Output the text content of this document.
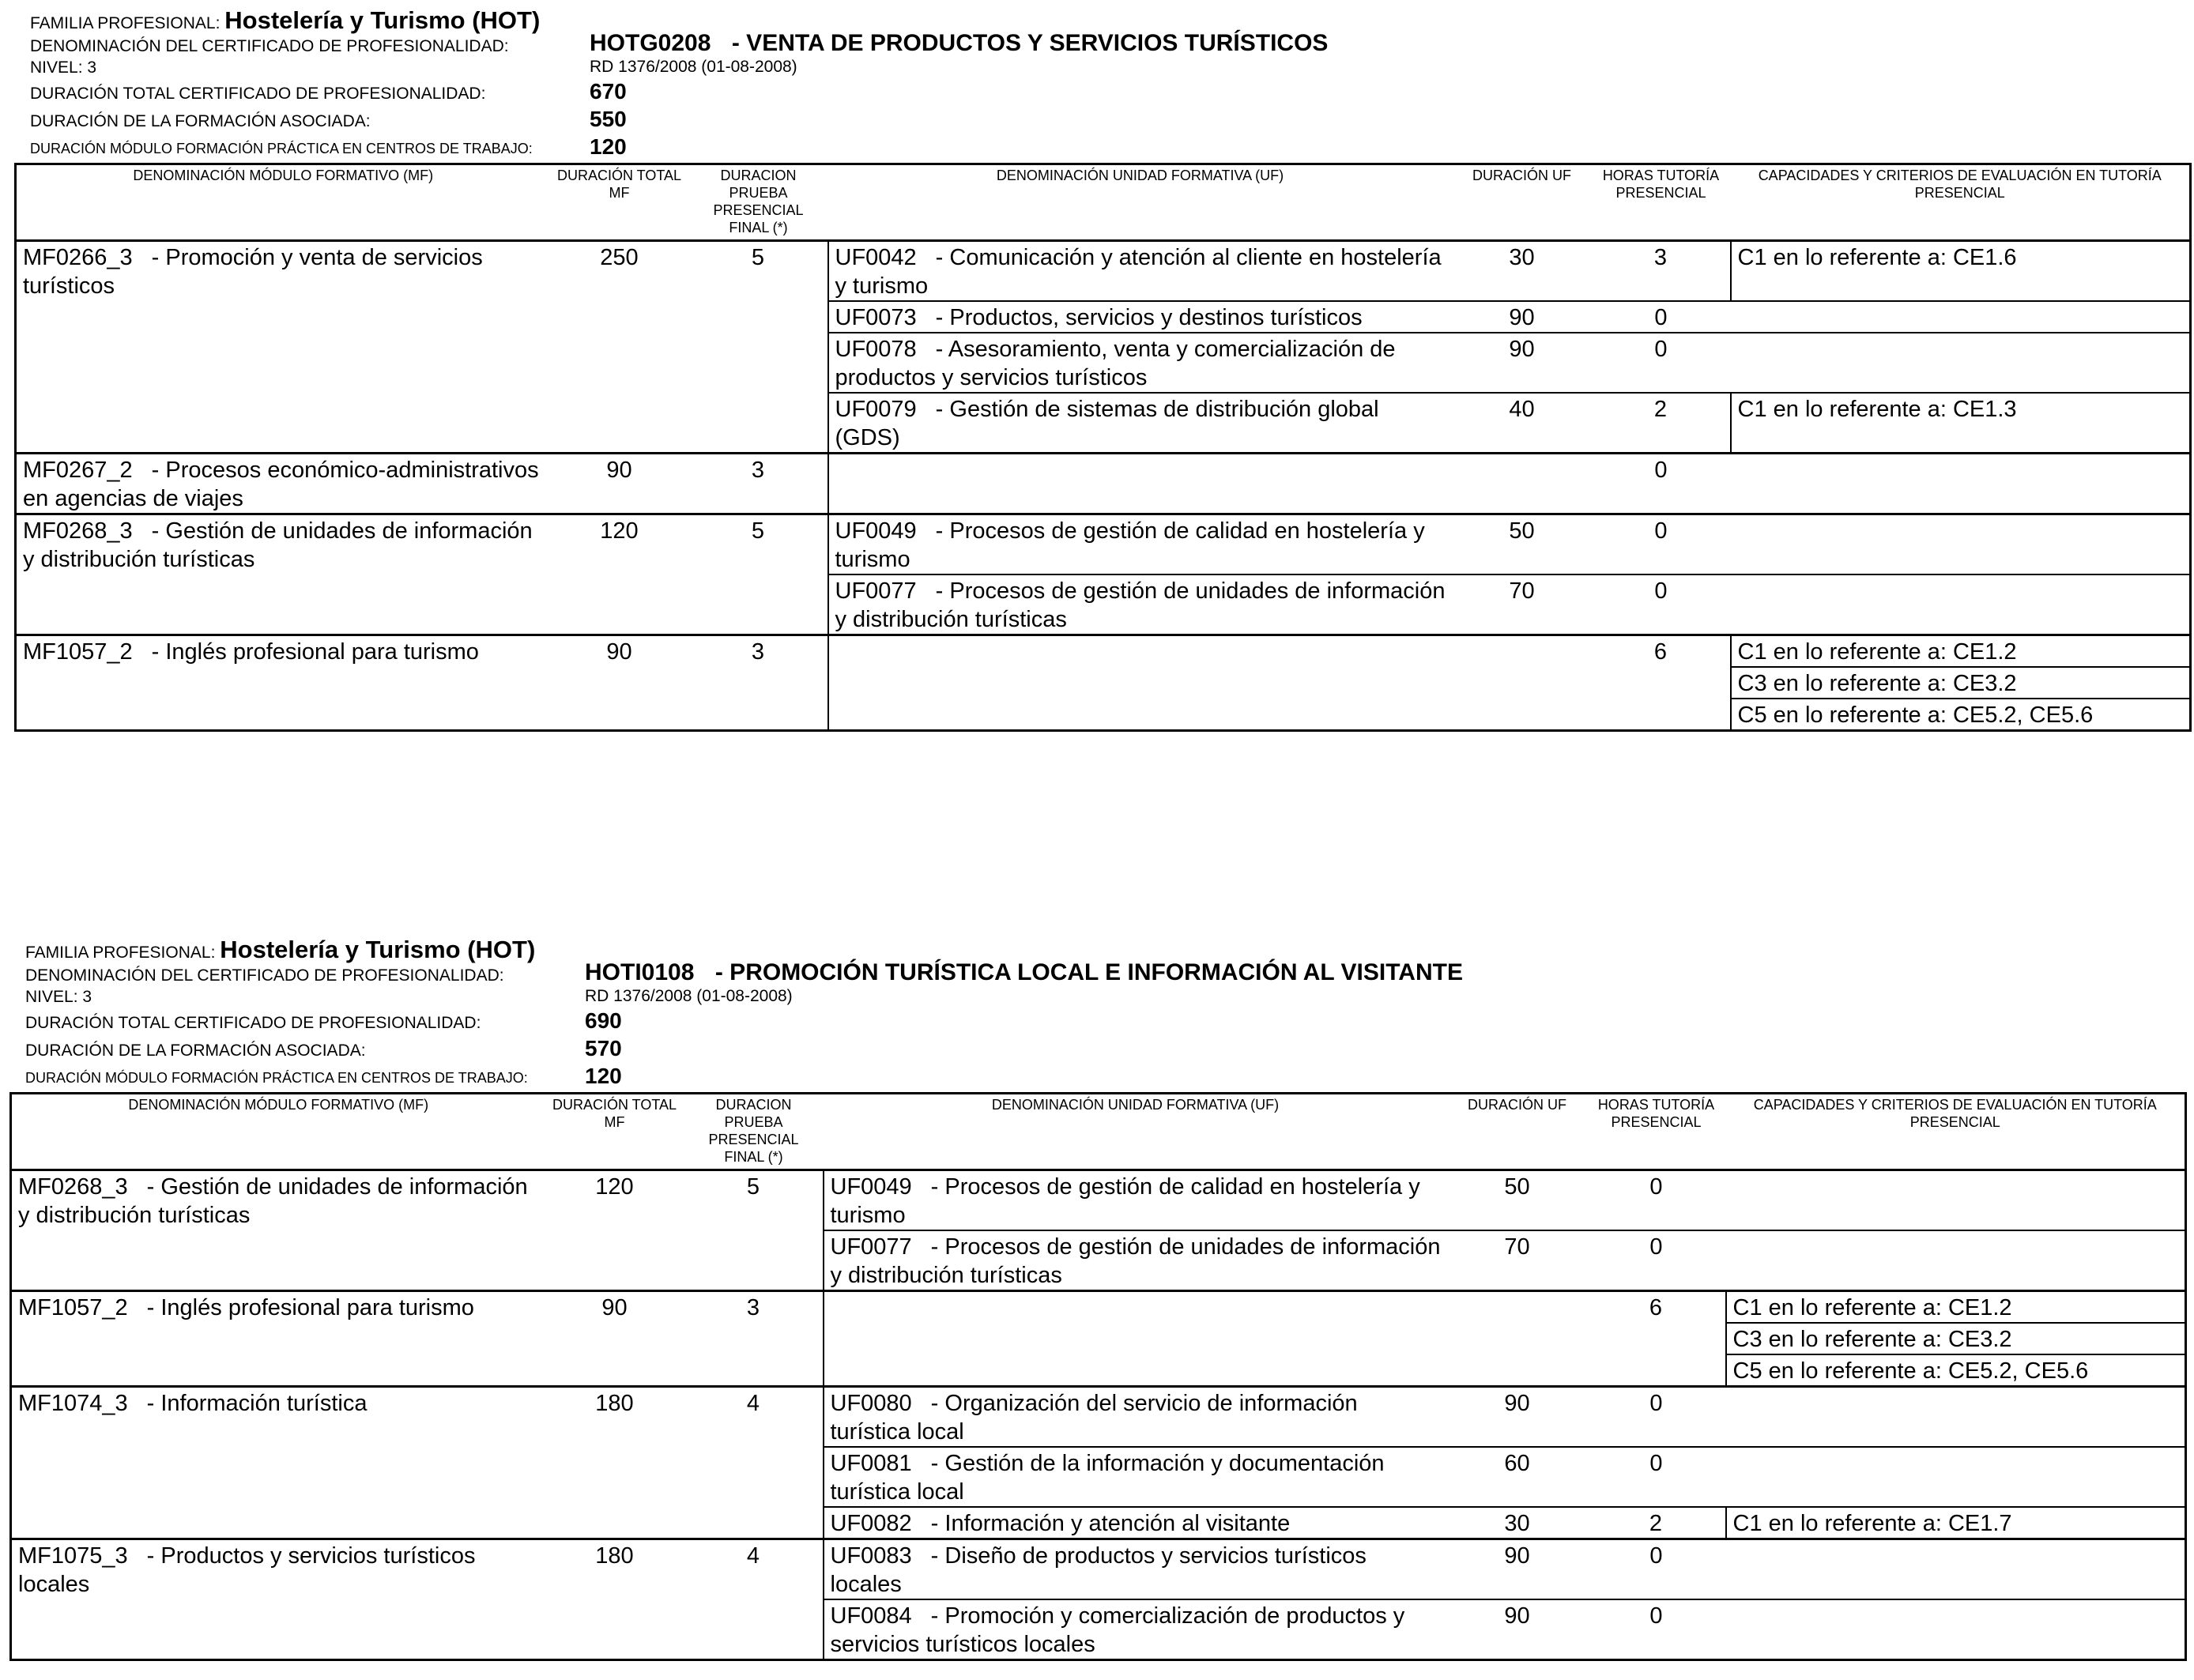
FAMILIA PROFESIONAL: Hostelería y Turismo (HOT)
DENOMINACIÓN DEL CERTIFICADO DE PROFESIONALIDAD:	HOTG0208 - VENTA DE PRODUCTOS Y SERVICIOS TURÍSTICOS
NIVEL: 3	RD 1376/2008 (01-08-2008)
DURACIÓN TOTAL CERTIFICADO DE PROFESIONALIDAD:	670
DURACIÓN DE LA FORMACIÓN ASOCIADA:	550
DURACIÓN MÓDULO FORMACIÓN PRÁCTICA EN CENTROS DE TRABAJO:	120
DENOMINACIÓN MÓDULO FORMATIVO (MF)	DURACIÓN TOTAL MF	DURACION PRUEBA PRESENCIAL FINAL (*)	DENOMINACIÓN UNIDAD FORMATIVA (UF)	DURACIÓN UF	HORAS TUTORÍA PRESENCIAL	CAPACIDADES Y CRITERIOS DE EVALUACIÓN EN TUTORÍA PRESENCIAL
MF0266_3 - Promoción y venta de servicios turísticos	250	5	UF0042 - Comunicación y atención al cliente en hostelería y turismo	30	3	C1 en lo referente a: CE1.6
			UF0073 - Productos, servicios y destinos turísticos	90	0	
			UF0078 - Asesoramiento, venta y comercialización de productos y servicios turísticos	90	0	
			UF0079 - Gestión de sistemas de distribución global (GDS)	40	2	C1 en lo referente a: CE1.3
MF0267_2 - Procesos económico-administrativos en agencias de viajes	90	3			0	
MF0268_3 - Gestión de unidades de información y distribución turísticas	120	5	UF0049 - Procesos de gestión de calidad en hostelería y turismo	50	0	
			UF0077 - Procesos de gestión de unidades de información y distribución turísticas	70	0	
MF1057_2 - Inglés profesional para turismo	90	3			6	C1 en lo referente a: CE1.2
						C3 en lo referente a: CE3.2
						C5 en lo referente a: CE5.2, CE5.6
FAMILIA PROFESIONAL: Hostelería y Turismo (HOT)
DENOMINACIÓN DEL CERTIFICADO DE PROFESIONALIDAD:	HOTI0108 - PROMOCIÓN TURÍSTICA LOCAL E INFORMACIÓN AL VISITANTE
NIVEL: 3	RD 1376/2008 (01-08-2008)
DURACIÓN TOTAL CERTIFICADO DE PROFESIONALIDAD:	690
DURACIÓN DE LA FORMACIÓN ASOCIADA:	570
DURACIÓN MÓDULO FORMACIÓN PRÁCTICA EN CENTROS DE TRABAJO:	120
DENOMINACIÓN MÓDULO FORMATIVO (MF)	DURACIÓN TOTAL MF	DURACION PRUEBA PRESENCIAL FINAL (*)	DENOMINACIÓN UNIDAD FORMATIVA (UF)	DURACIÓN UF	HORAS TUTORÍA PRESENCIAL	CAPACIDADES Y CRITERIOS DE EVALUACIÓN EN TUTORÍA PRESENCIAL
MF0268_3 - Gestión de unidades de información y distribución turísticas	120	5	UF0049 - Procesos de gestión de calidad en hostelería y turismo	50	0	
			UF0077 - Procesos de gestión de unidades de información y distribución turísticas	70	0	
MF1057_2 - Inglés profesional para turismo	90	3			6	C1 en lo referente a: CE1.2
						C3 en lo referente a: CE3.2
						C5 en lo referente a: CE5.2, CE5.6
MF1074_3 - Información turística	180	4	UF0080 - Organización del servicio de información turística local	90	0	
			UF0081 - Gestión de la información y documentación turística local	60	0	
			UF0082 - Información y atención al visitante	30	2	C1 en lo referente a: CE1.7
MF1075_3 - Productos y servicios turísticos locales	180	4	UF0083 - Diseño de productos y servicios turísticos locales	90	0	
			UF0084 - Promoción y comercialización de productos y servicios turísticos locales	90	0	
